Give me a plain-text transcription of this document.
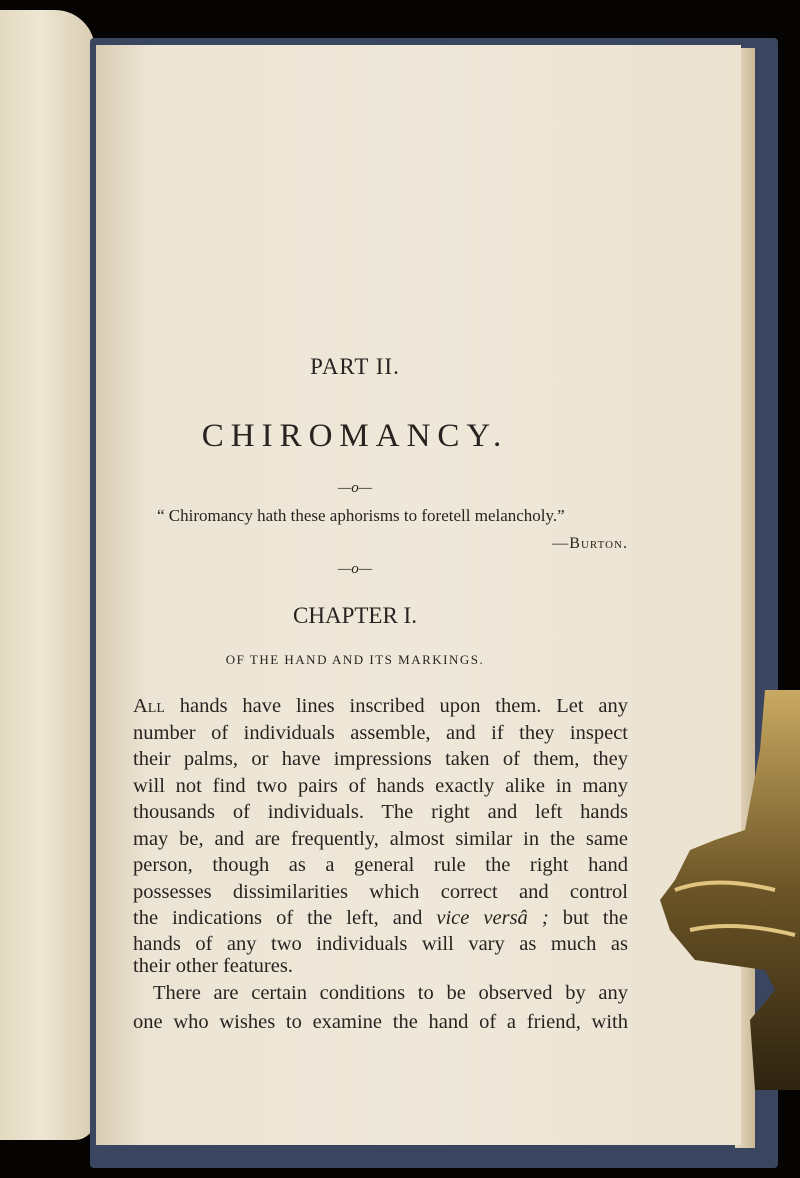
PART II.
CHIROMANCY.
—o—
“ Chiromancy hath these aphorisms to foretell melancholy.”
—Burton.
—o—
CHAPTER I.
OF THE HAND AND ITS MARKINGS.
All hands have lines inscribed upon them. Let any
number of individuals assemble, and if they inspect
their palms, or have impressions taken of them, they
will not find two pairs of hands exactly alike in many
thousands of individuals. The right and left hands
may be, and are frequently, almost similar in the same
person, though as a general rule the right hand
possesses dissimilarities which correct and control
the indications of the left, and vice versâ ; but the
hands of any two individuals will vary as much as
their other features.
There are certain conditions to be observed by any
one who wishes to examine the hand of a friend, with
